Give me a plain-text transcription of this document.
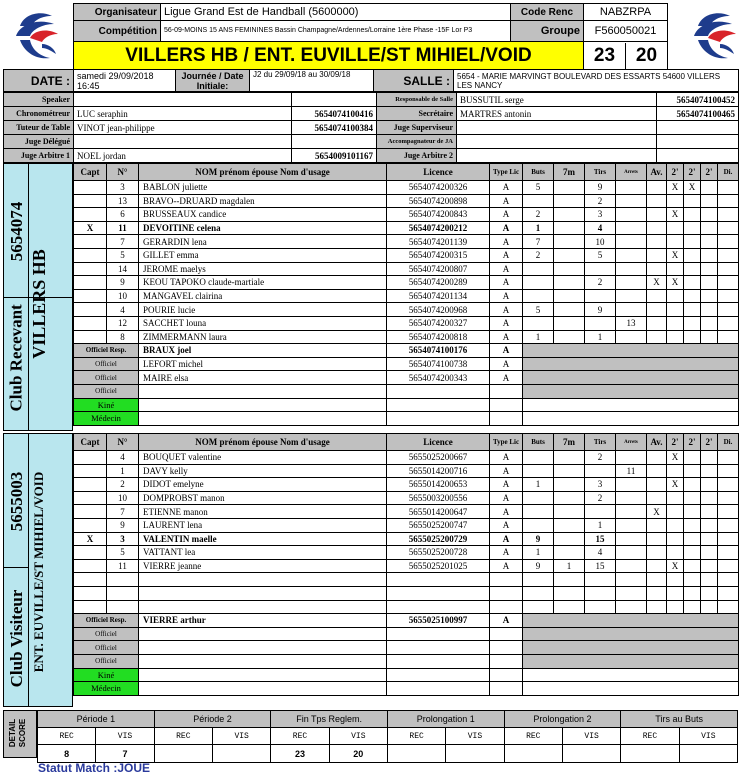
Organisateur	Ligue Grand Est de Handball (5600000)	Code Renc	NABZRPA
Compétition	56-09-MOINS 15 ANS FEMININES Bassin Champagne/Ardennes/Lorraine 1ère Phase -15F Lor P3	Groupe	F560050021
VILLERS HB / ENT. EUVILLE/ST MIHIEL/VOID			23 20
DATE :	samedi 29/09/2018 16:45	Journée / Date Initiale:	J2 du 29/09/18 au 30/09/18	SALLE :	5654 - MARIE MARVINGT BOULEVARD DES ESSARTS 54600 VILLERS LES NANCY
Speaker			Responsable de Salle	BUSSUTIL serge	5654074100452
Chronométreur	LUC seraphin	5654074100416	Secrétaire	MARTRES antonin	5654074100465
Tuteur de Table	VINOT jean-philippe	5654074100384	Juge Superviseur		
Juge Délégué			Accompagnateur de JA		
Juge Arbitre 1	NOEL jordan	5654009101167	Juge Arbitre 2		
Club Recevant
5654074
VILLERS HB
Capt	N°	NOM prénom épouse Nom d'usage	Licence	Type Lic	Buts	7m	Tirs	Arrets	Av.	2'	2'	2'	Di.
	3	BABLON juliette	5654074200326	A	5		9			X	X		
	13	BRAVO--DRUARD magdalen	5654074200898	A			2						
	6	BRUSSEAUX candice	5654074200843	A	2		3			X			
X	11	DEVOITINE celena	5654074200212	A	1		4						
	7	GERARDIN lena	5654074201139	A	7		10						
	5	GILLET emma	5654074200315	A	2		5			X			
	14	JEROME maelys	5654074200807	A									
	9	KEOU TAPOKO claude-martiale	5654074200289	A			2		X	X			
	10	MANGAVEL clairina	5654074201134	A									
	4	POURIE lucie	5654074200968	A	5		9						
	12	SACCHET louna	5654074200327	A				13					
	8	ZIMMERMANN laura	5654074200818	A	1		1						
Officiel Resp.		BRAUX joel	5654074100176	A									
Officiel		LEFORT michel	5654074100738	A									
Officiel		MAIRE elsa	5654074200343	A									
Officiel													
Kiné													
Médecin													
Club Visiteur
5655003 ENT. EUVILLE/ST MIHIEL/VOID
Capt	N°	NOM prénom épouse Nom d'usage	Licence	Type Lic	Buts	7m	Tirs	Arrets	Av.	2'	2'	2'	Di.
	4	BOUQUET valentine	5655025200667	A			2			X			
	1	DAVY kelly	5655014200716	A				11					
	2	DIDOT emelyne	5655014200653	A	1		3			X			
	10	DOMPROBST manon	5655003200556	A			2						
	7	ETIENNE manon	5655014200647	A					X				
	9	LAURENT lena	5655025200747	A			1						
X	3	VALENTIN maelle	5655025200729	A	9		15						
	5	VATTANT lea	5655025200728	A	1		4						
	11	VIERRE jeanne	5655025201025	A	9	1	15			X			

Officiel Resp.		VIERRE arthur	5655025100997	A									
Officiel													
Officiel													
Officiel													
Kiné													
Médecin													
DETAIL SCORE	Période 1		Période 2		Fin Tps Reglem.		Prolongation 1		Prolongation 2		Tirs au Buts	
REC	VIS	REC	VIS	REC	VIS	REC	VIS	REC	VIS	REC	VIS
8	7			23	20						
Statut Match :JOUE
